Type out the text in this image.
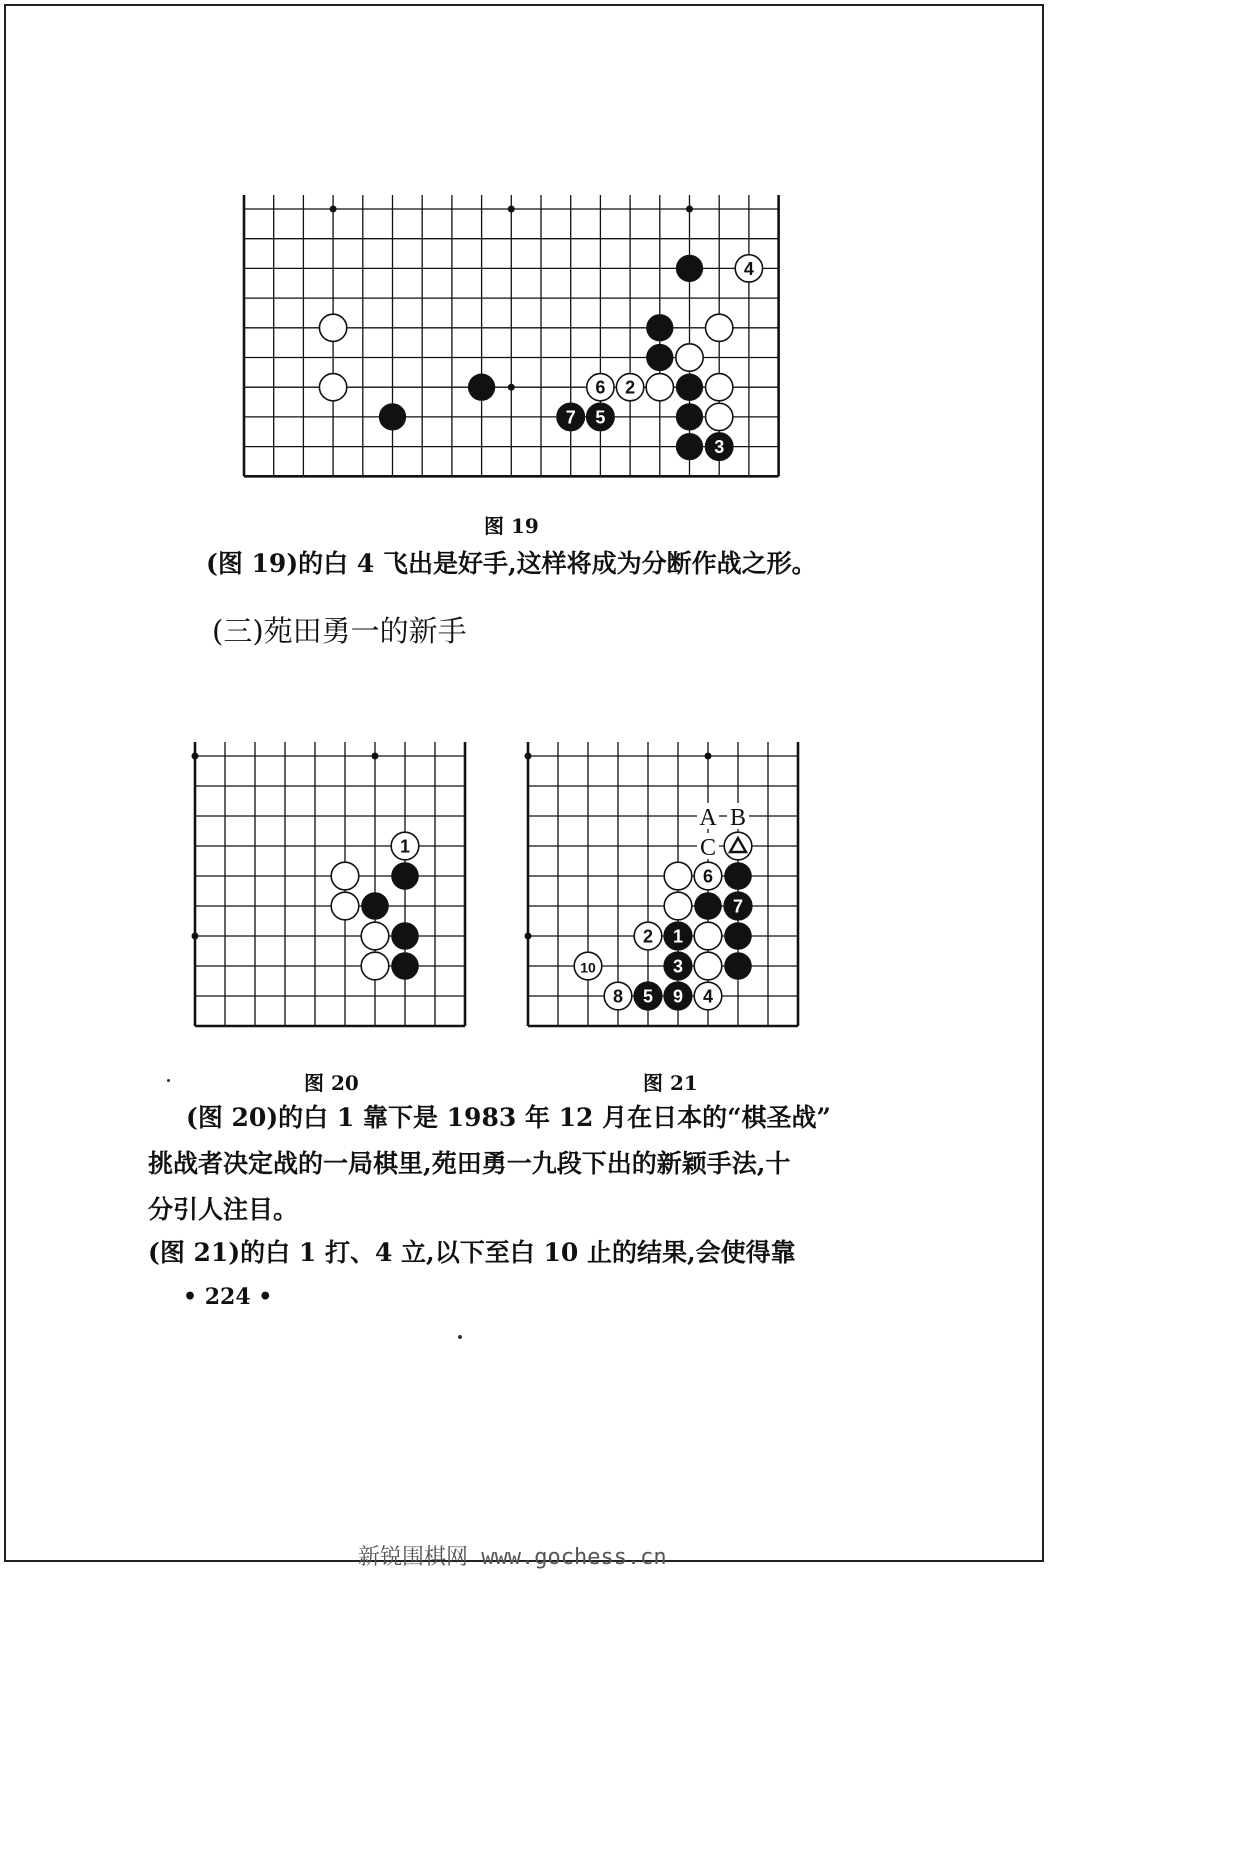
4
2
6
7 5
3
图 19
(图 19)的白 4 飞出是好手,这样将成为分断作战之形。
(三)苑田勇一的新手
1
图 20
6
7
2 1
10	3
8 5 9 4
A B
C
图 21
(图 20)的白 1 靠下是 1983 年 12 月在日本的“棋圣战”
挑战者决定战的一局棋里,苑田勇一九段下出的新颖手法,十
分引人注目。
(图 21)的白 1 打、4 立,以下至白 10 止的结果,会使得靠
• 224 •
新锐围棋网 www.gochess.cn
